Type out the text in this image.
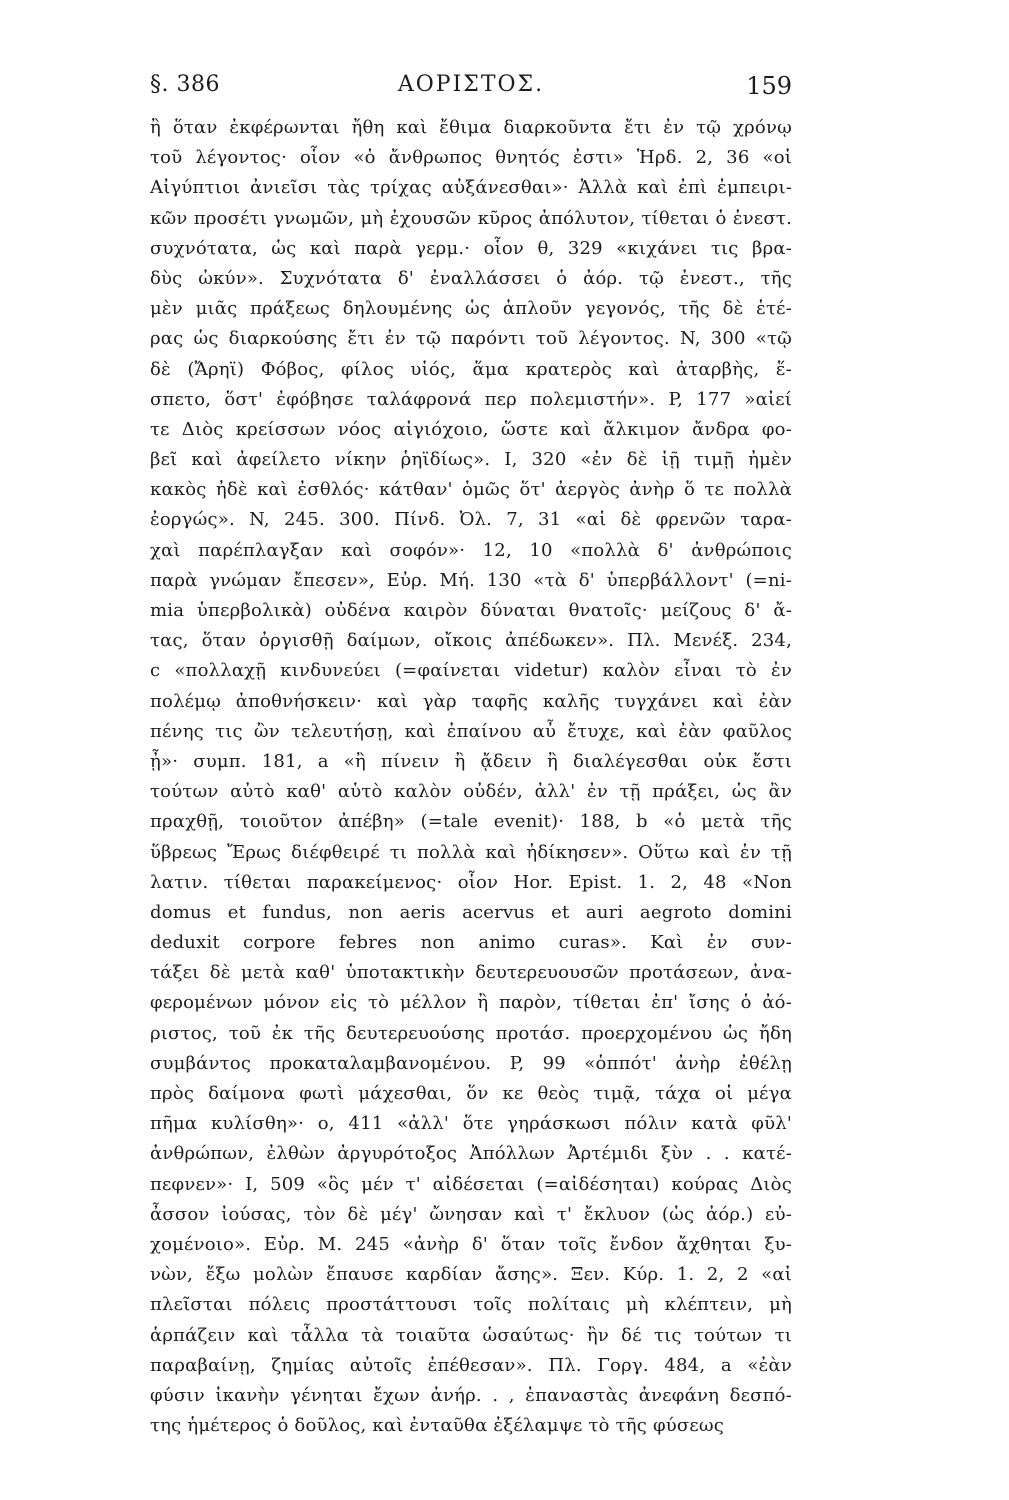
§. 386	ΑΟΡΙΣΤΟΣ.	159
ἢ ὅταν ἐκφέρωνται ἤθη καὶ ἔθιμα διαρκοῦντα ἔτι ἐν τῷ χρόνῳ
τοῦ λέγοντος· οἷον «ὁ ἄνθρωπος θνητός ἐστι» Ἡρδ. 2, 36 «οἱ
Αἰγύπτιοι ἀνιεῖσι τὰς τρίχας αὐξάνεσθαι»· Ἀλλὰ καὶ ἐπὶ ἐμπειρι-
κῶν προσέτι γνωμῶν, μὴ ἐχουσῶν κῦρος ἀπόλυτον, τίθεται ὁ ἐνεστ.
συχνότατα, ὡς καὶ παρὰ γερμ.· οἷον θ, 329 «κιχάνει τις βρα-
δὺς ὠκύν». Συχνότατα δ' ἐναλλάσσει ὁ ἀόρ. τῷ ἐνεστ., τῆς
μὲν μιᾶς πράξεως δηλουμένης ὡς ἁπλοῦν γεγονός, τῆς δὲ ἑτέ-
ρας ὡς διαρκούσης ἔτι ἐν τῷ παρόντι τοῦ λέγοντος. N, 300 «τῷ
δὲ (Ἄρηϊ) Φόβος, φίλος υἱός, ἅμα κρατερὸς καὶ ἀταρβὴς, ἕ-
σπετο, ὅστ' ἐφόβησε ταλάφρονά περ πολεμιστήν». P, 177 »αἰεί
τε Διὸς κρείσσων νόος αἰγιόχοιο, ὥστε καὶ ἄλκιμον ἄνδρα φο-
βεῖ καὶ ἀφείλετο νίκην ῥηϊδίως». I, 320 «ἐν δὲ ἰῇ τιμῇ ἠμὲν
κακὸς ἠδὲ καὶ ἐσθλός· κάτθαν' ὁμῶς ὅτ' ἀεργὸς ἀνὴρ ὅ τε πολλὰ
ἐοργώς». N, 245. 300. Πίνδ. Ὀλ. 7, 31 «αἱ δὲ φρενῶν ταρα-
χαὶ παρέπλαγξαν καὶ σοφόν»· 12, 10 «πολλὰ δ' ἀνθρώποις
παρὰ γνώμαν ἔπεσεν», Εὐρ. Μή. 130 «τὰ δ' ὑπερβάλλοντ' (=ni-
mia ὑπερβολικὰ) οὐδένα καιρὸν δύναται θνατοῖς· μείζους δ' ἄ-
τας, ὅταν ὀργισθῇ δαίμων, οἴκοις ἀπέδωκεν». Πλ. Μενέξ. 234,
c «πολλαχῇ κινδυνεύει (=φαίνεται videtur) καλὸν εἶναι τὸ ἐν
πολέμῳ ἀποθνήσκειν· καὶ γὰρ ταφῆς καλῆς τυγχάνει καὶ ἐὰν
πένης τις ὢν τελευτήσῃ, καὶ ἐπαίνου αὖ ἔτυχε, καὶ ἐὰν φαῦλος
ᾖ»· συμπ. 181, a «ἢ πίνειν ἢ ᾄδειν ἢ διαλέγεσθαι οὐκ ἔστι
τούτων αὐτὸ καθ' αὑτὸ καλὸν οὐδέν, ἀλλ' ἐν τῇ πράξει, ὡς ἂν
πραχθῇ, τοιοῦτον ἀπέβη» (=tale evenit)· 188, b «ὁ μετὰ τῆς
ὕβρεως Ἔρως διέφθειρέ τι πολλὰ καὶ ἠδίκησεν». Οὕτω καὶ ἐν τῇ
λατιν. τίθεται παρακείμενος· οἷον Hor. Epist. 1. 2, 48 «Non
domus et fundus, non aeris acervus et auri aegroto domini
deduxit corpore febres non animo curas». Καὶ ἐν συν-
τάξει δὲ μετὰ καθ' ὑποτακτικὴν δευτερευουσῶν προτάσεων, ἀνα-
φερομένων μόνον εἰς τὸ μέλλον ἢ παρὸν, τίθεται ἐπ' ἴσης ὁ ἀό-
ριστος, τοῦ ἐκ τῆς δευτερευούσης προτάσ. προερχομένου ὡς ἤδη
συμβάντος προκαταλαμβανομένου. P, 99 «ὁππότ' ἀνὴρ ἐθέλῃ
πρὸς δαίμονα φωτὶ μάχεσθαι, ὅν κε θεὸς τιμᾷ, τάχα οἱ μέγα
πῆμα κυλίσθη»· ο, 411 «ἀλλ' ὅτε γηράσκωσι πόλιν κατὰ φῦλ'
ἀνθρώπων, ἐλθὼν ἀργυρότοξος Ἀπόλλων Ἀρτέμιδι ξὺν . . κατέ-
πεφνεν»· I, 509 «ὃς μέν τ' αἰδέσεται (=αἰδέσηται) κούρας Διὸς
ἆσσον ἰούσας, τὸν δὲ μέγ' ὤνησαν καὶ τ' ἔκλυον (ὡς ἀόρ.) εὐ-
χομένοιο». Εὐρ. Μ. 245 «ἀνὴρ δ' ὅταν τοῖς ἔνδον ἄχθηται ξυ-
νὼν, ἔξω μολὼν ἔπαυσε καρδίαν ἄσης». Ξεν. Κύρ. 1. 2, 2 «αἱ
πλεῖσται πόλεις προστάττουσι τοῖς πολίταις μὴ κλέπτειν, μὴ
ἁρπάζειν καὶ τἆλλα τὰ τοιαῦτα ὡσαύτως· ἢν δέ τις τούτων τι
παραβαίνῃ, ζημίας αὐτοῖς ἐπέθεσαν». Πλ. Γοργ. 484, a «ἐὰν
φύσιν ἱκανὴν γένηται ἔχων ἀνήρ. . , ἐπαναστὰς ἀνεφάνη δεσπό-
της ἡμέτερος ὁ δοῦλος, καὶ ἐνταῦθα ἐξέλαμψε τὸ τῆς φύσεως
